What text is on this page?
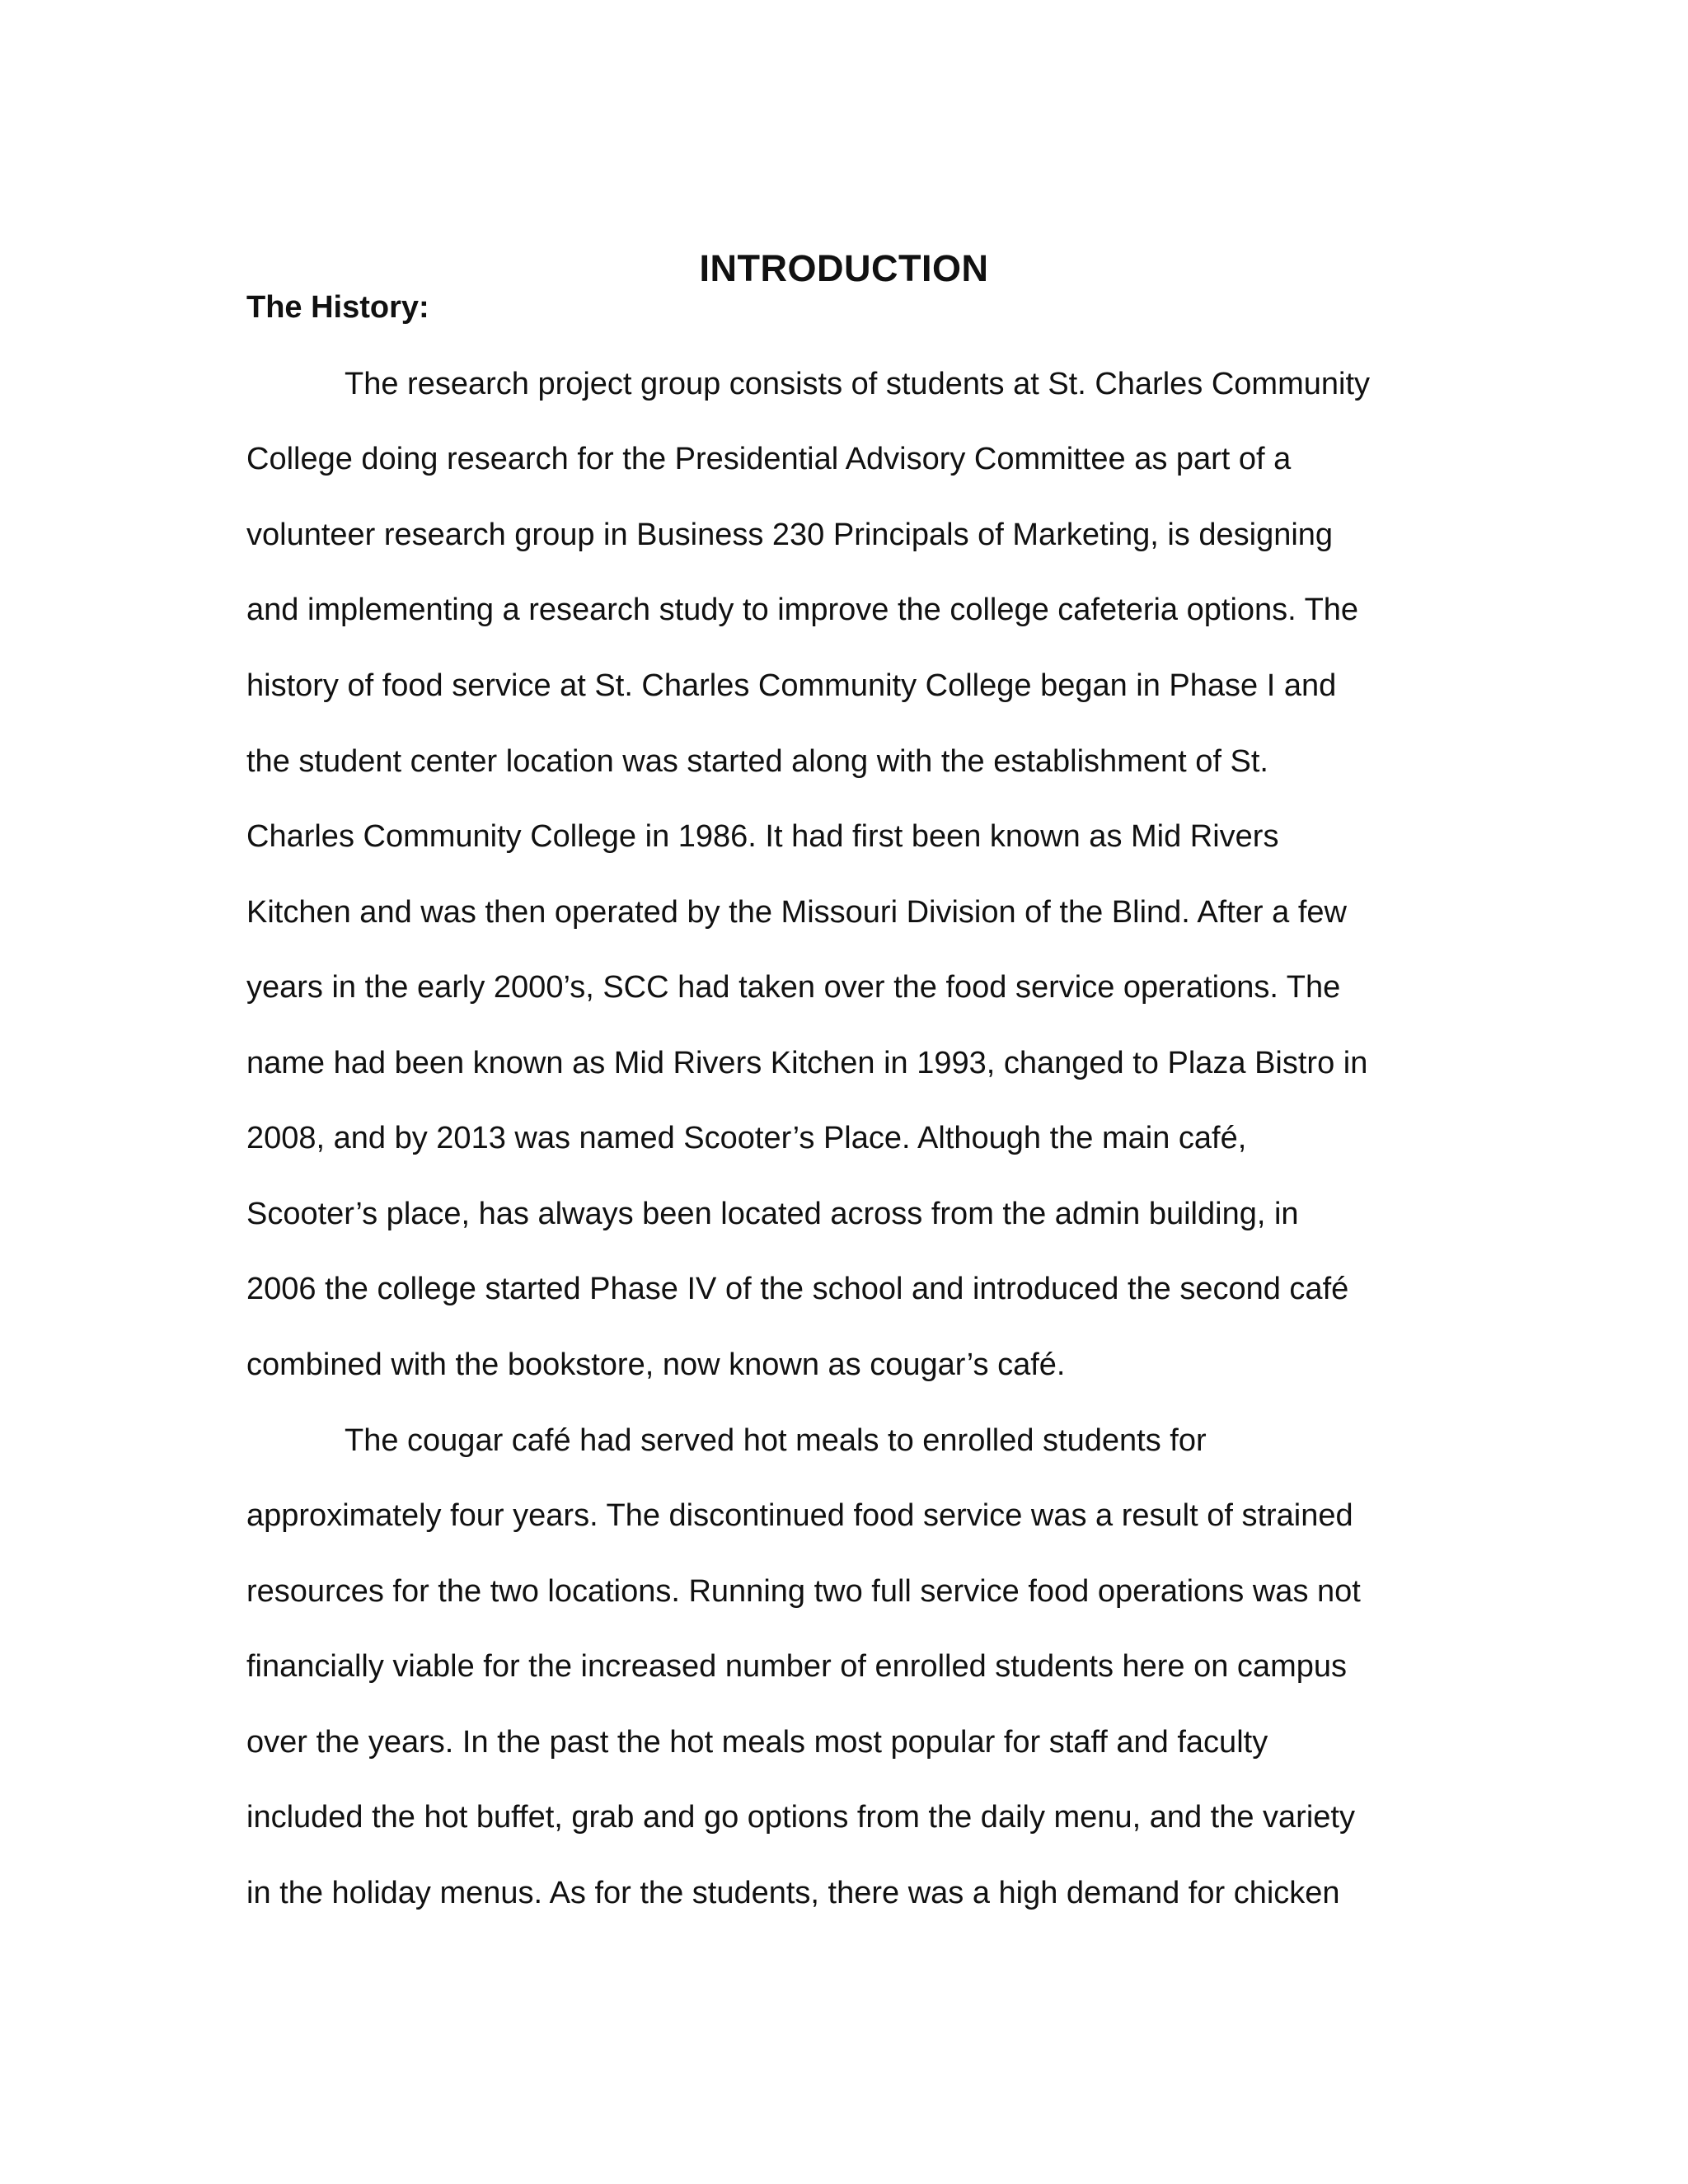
INTRODUCTION
The History:
The research project group consists of students at St. Charles Community
College doing research for the Presidential Advisory Committee as part of a
volunteer research group in Business 230 Principals of Marketing, is designing
and implementing a research study to improve the college cafeteria options. The
history of food service at St. Charles Community College began in Phase I and
the student center location was started along with the establishment of St.
Charles Community College in 1986. It had first been known as Mid Rivers
Kitchen and was then operated by the Missouri Division of the Blind. After a few
years in the early 2000’s, SCC had taken over the food service operations. The
name had been known as Mid Rivers Kitchen in 1993, changed to Plaza Bistro in
2008, and by 2013 was named Scooter’s Place. Although the main café,
Scooter’s place, has always been located across from the admin building, in
2006 the college started Phase IV of the school and introduced the second café
combined with the bookstore, now known as cougar’s café.
The cougar café had served hot meals to enrolled students for
approximately four years. The discontinued food service was a result of strained
resources for the two locations. Running two full service food operations was not
financially viable for the increased number of enrolled students here on campus
over the years. In the past the hot meals most popular for staff and faculty
included the hot buffet, grab and go options from the daily menu, and the variety
in the holiday menus. As for the students, there was a high demand for chicken
